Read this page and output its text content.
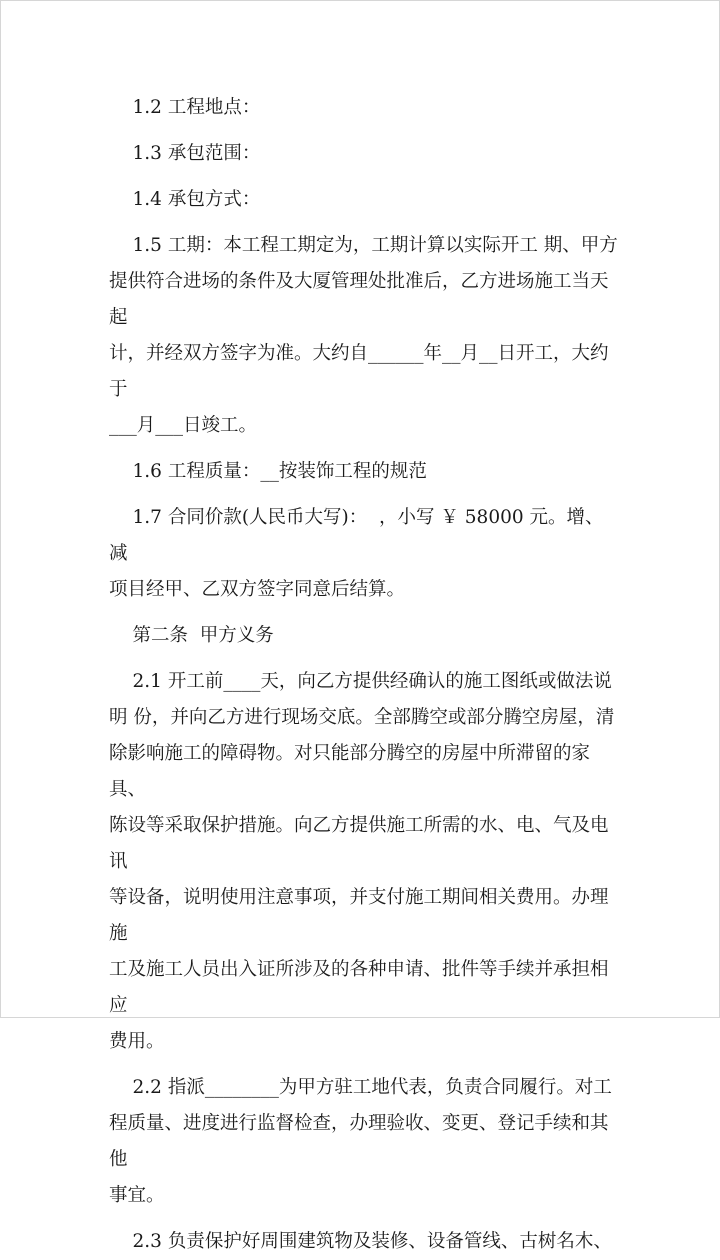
1.2 工程地点：

1.3 承包范围：

1.4 承包方式：

1.5 工期：本工程工期定为，工期计算以实际开工 期、甲方
提供符合进场的条件及大厦管理处批准后，乙方进场施工当天起
计，并经双方签字为准。大约自______年__月__日开工，大约于
___月___日竣工。

1.6 工程质量：__按装饰工程的规范

1.7 合同价款(人民币大写)：  ，小写 ￥ 58000 元。增、减
项目经甲、乙双方签字同意后结算。

第二条  甲方义务

2.1 开工前____天，向乙方提供经确认的施工图纸或做法说
明 份，并向乙方进行现场交底。全部腾空或部分腾空房屋，清
除影响施工的障碍物。对只能部分腾空的房屋中所滞留的家具、
陈设等采取保护措施。向乙方提供施工所需的水、电、气及电讯
等设备，说明使用注意事项，并支付施工期间相关费用。办理施
工及施工人员出入证所涉及的各种申请、批件等手续并承担相应
费用。

2.2 指派________为甲方驻工地代表，负责合同履行。对工
程质量、进度进行监督检查，办理验收、变更、登记手续和其他
事宜。

2.3 负责保护好周围建筑物及装修、设备管线、古树名木、
